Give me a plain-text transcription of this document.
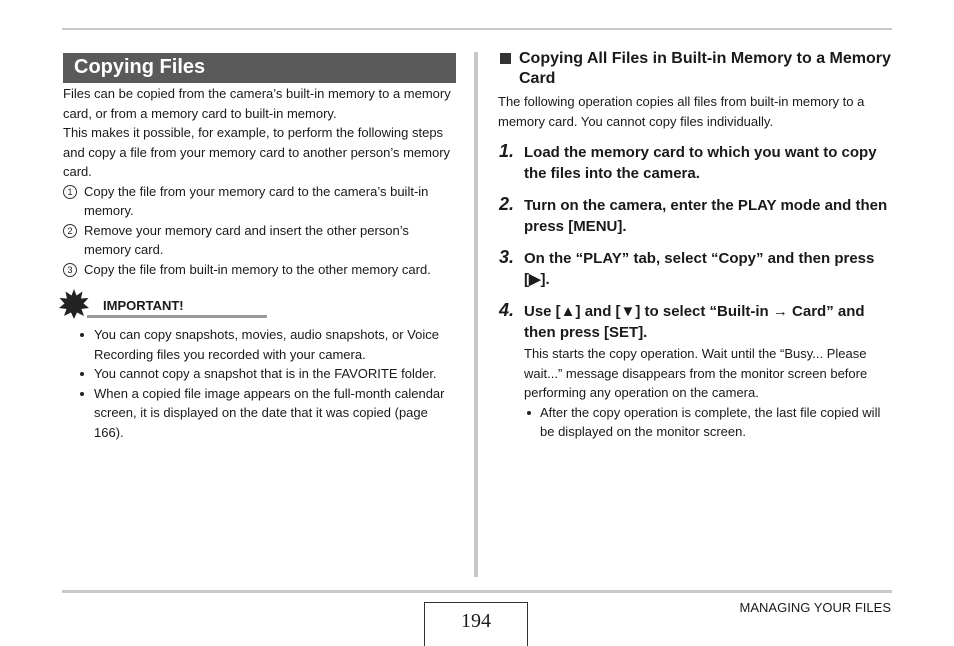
Copying Files
Files can be copied from the camera’s built-in memory to a memory card, or from a memory card to built-in memory.
This makes it possible, for example, to perform the following steps and copy a file from your memory card to another person’s memory card.
1 Copy the file from your memory card to the camera’s built-in memory.
2 Remove your memory card and insert the other person’s memory card.
3 Copy the file from built-in memory to the other memory card.
IMPORTANT!
You can copy snapshots, movies, audio snapshots, or Voice Recording files you recorded with your camera.
You cannot copy a snapshot that is in the FAVORITE folder.
When a copied file image appears on the full-month calendar screen, it is displayed on the date that it was copied (page 166).
Copying All Files in Built-in Memory to a Memory Card
The following operation copies all files from built-in memory to a memory card. You cannot copy files individually.
1. Load the memory card to which you want to copy the files into the camera.
2. Turn on the camera, enter the PLAY mode and then press [MENU].
3. On the “PLAY” tab, select “Copy” and then press [▶].
4. Use [▲] and [▼] to select “Built-in → Card” and then press [SET].
This starts the copy operation. Wait until the “Busy... Please wait...” message disappears from the monitor screen before performing any operation on the camera.
After the copy operation is complete, the last file copied will be displayed on the monitor screen.
194
MANAGING YOUR FILES
